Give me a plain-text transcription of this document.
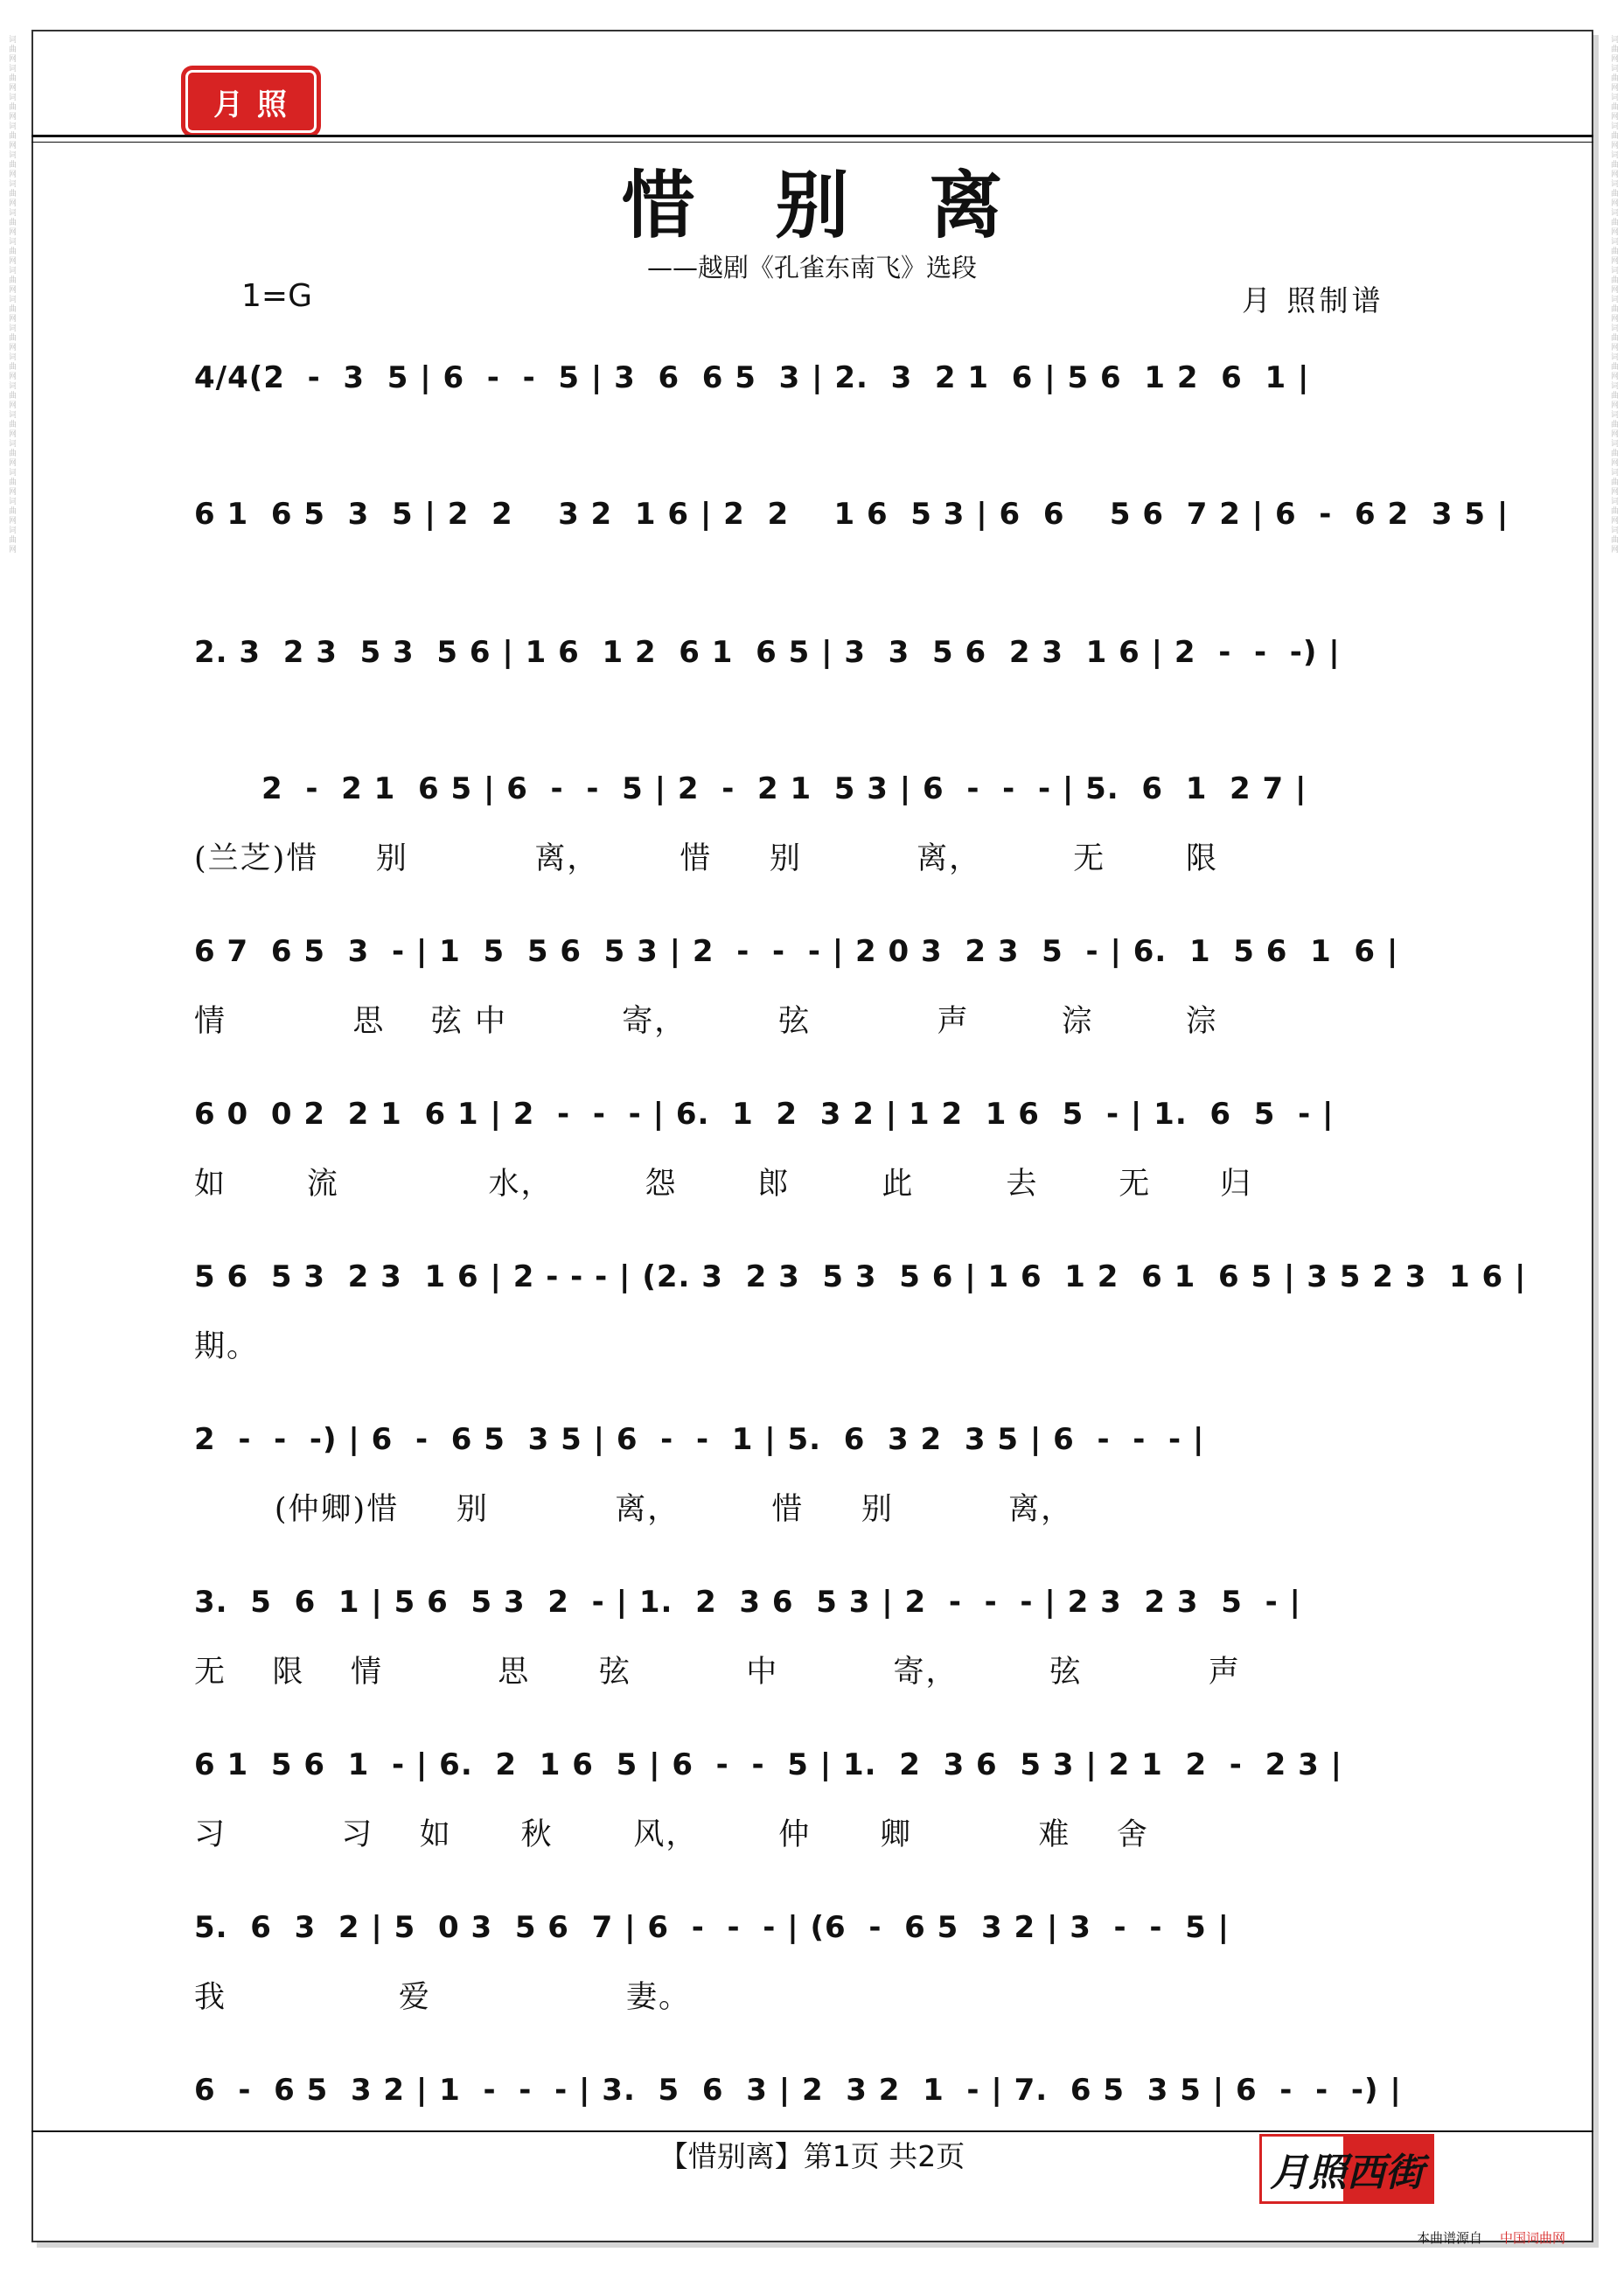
词曲网词曲网词曲网词曲网词曲网词曲网词曲网词曲网词曲网词曲网词曲网词曲网词曲网词曲网词曲网词曲网词曲网词曲网	词曲网词曲网词曲网词曲网词曲网词曲网词曲网词曲网词曲网词曲网词曲网词曲网词曲网词曲网词曲网词曲网词曲网词曲网
月 照
惜别离
——越剧《孔雀东南飞》选段
1=G	月 照制谱
4/4(2  -  3  5 | 6  -  -  5 | 3  6  6 5  3 | 2.  3  2 1  6 | 5 6  1 2  6  1 |
6 1  6 5  3  5 | 2  2    3 2  1 6 | 2  2    1 6  5 3 | 6  6    5 6  7 2 | 6  -  6 2  3 5 |
2. 3  2 3  5 3  5 6 | 1 6  1 2  6 1  6 5 | 3  3  5 6  2 3  1 6 | 2  -  -  -) |
2  -  2 1  6 5 | 6  -  -  5 | 2  -  2 1  5 3 | 6  -  -  - | 5.  6  1  2 7 |
(兰芝)惜     别           离，       惜     别          离，        无       限
6 7  6 5  3  - | 1  5  5 6  5 3 | 2  -  -  - | 2 0 3  2 3  5  - | 6.  1  5 6  1  6 |
情           思    弦 中          寄，        弦           声        淙        淙
6 0  0 2  2 1  6 1 | 2  -  -  - | 6.  1  2  3 2 | 1 2  1 6  5  - | 1.  6  5  - |
如       流             水，        怨       郎        此        去       无      归
5 6  5 3  2 3  1 6 | 2 - - - | (2. 3  2 3  5 3  5 6 | 1 6  1 2  6 1  6 5 | 3 5 2 3  1 6 |
期。
2  -  -  -) | 6  -  6 5  3 5 | 6  -  -  1 | 5.  6  3 2  3 5 | 6  -  -  - |
(仲卿)惜     别           离，        惜     别          离，
3.  5  6  1 | 5 6  5 3  2  - | 1.  2  3 6  5 3 | 2  -  -  - | 2 3  2 3  5  - |
无    限    情          思      弦          中          寄，        弦           声
6 1  5 6  1  - | 6.  2  1 6  5 | 6  -  -  5 | 1.  2  3 6  5 3 | 2 1  2  -  2 3 |
习          习    如      秋       风，       仲      卿           难    舍
5.  6  3  2 | 5  0 3  5 6  7 | 6  -  -  - | (6  -  6 5  3 2 | 3  -  -  5 |
我               爱                 妻。
6  -  6 5  3 2 | 1  -  -  - | 3.  5  6  3 | 2  3 2  1  - | 7.  6 5  3 5 | 6  -  -  -) |
【惜别离】第1页 共2页	月照西街
本曲谱源自 中国词曲网
